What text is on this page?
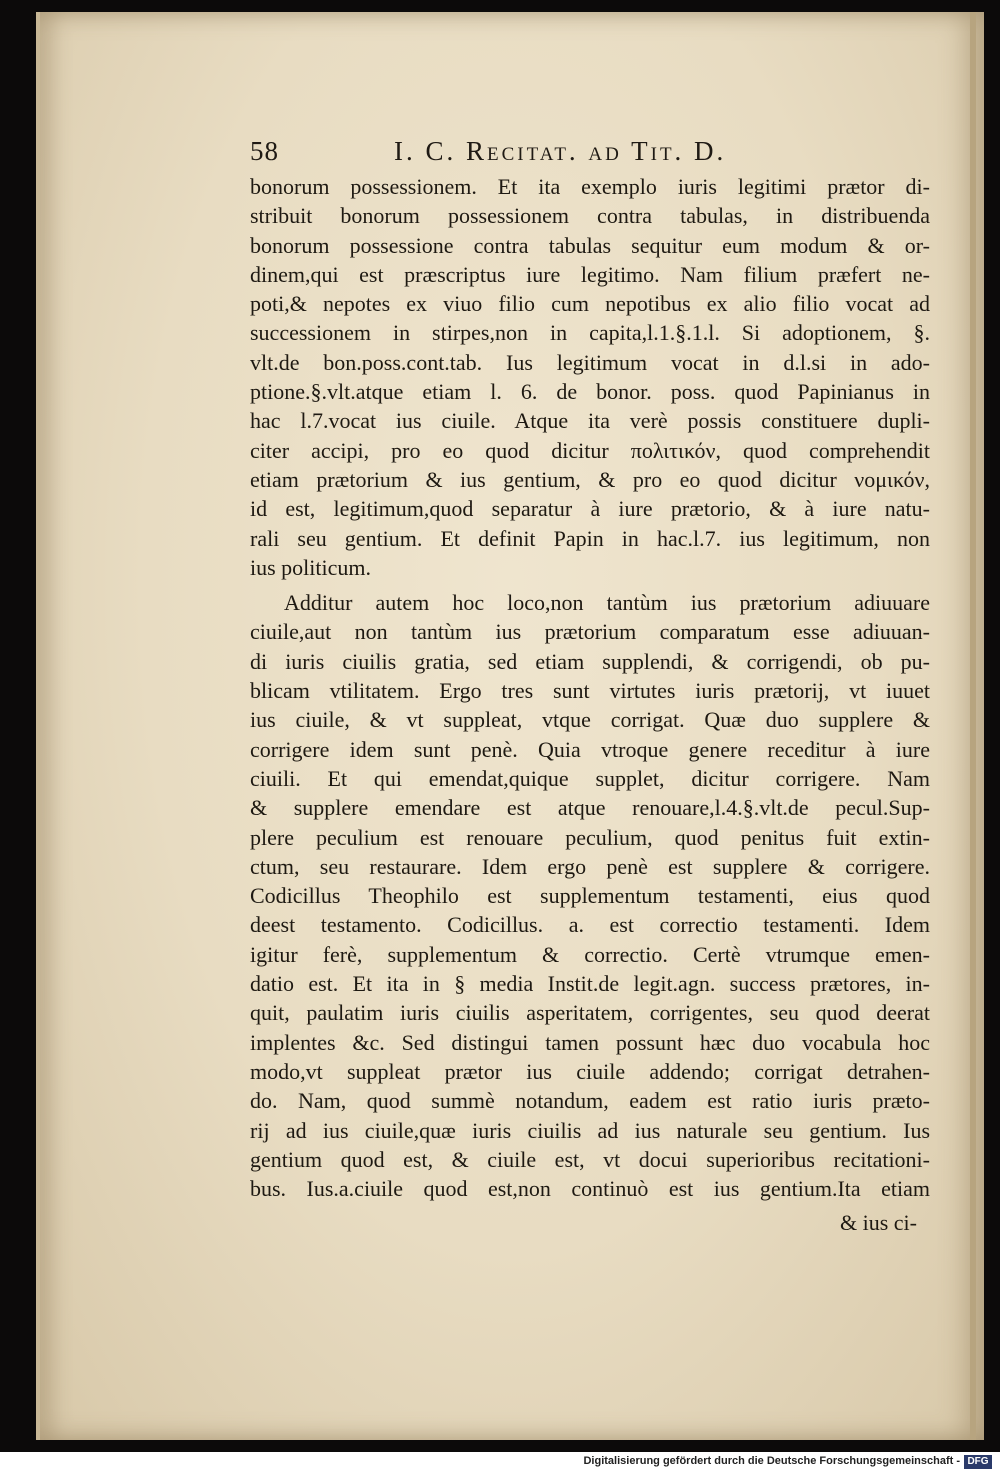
58	I. C. Recitat. ad Tit. D.
bonorum possessionem. Et ita exemplo iuris legitimi prætor di-
stribuit bonorum possessionem contra tabulas, in distribuenda
bonorum possessione contra tabulas sequitur eum modum & or-
dinem,qui est præscriptus iure legitimo. Nam filium præfert ne-
poti,& nepotes ex viuo filio cum nepotibus ex alio filio vocat ad
successionem in stirpes,non in capita,l.1.§.1.l. Si adoptionem, §.
vlt.de bon.poss.cont.tab. Ius legitimum vocat in d.l.si in ado-
ptione.§.vlt.atque etiam l. 6. de bonor. poss. quod Papinianus in
hac l.7.vocat ius ciuile. Atque ita verè possis constituere dupli-
citer accipi, pro eo quod dicitur πολιτικόν, quod comprehendit
etiam prætorium & ius gentium, & pro eo quod dicitur νομικόν,
id est, legitimum,quod separatur à iure prætorio, & à iure natu-
rali seu gentium. Et definit Papin in hac.l.7. ius legitimum, non
ius politicum.
Additur autem hoc loco,non tantùm ius prætorium adiuuare
ciuile,aut non tantùm ius prætorium comparatum esse adiuuan-
di iuris ciuilis gratia, sed etiam supplendi, & corrigendi, ob pu-
blicam vtilitatem. Ergo tres sunt virtutes iuris prætorij, vt iuuet
ius ciuile, & vt suppleat, vtque corrigat. Quæ duo supplere &
corrigere idem sunt penè. Quia vtroque genere receditur à iure
ciuili. Et qui emendat,quique supplet, dicitur corrigere. Nam
& supplere emendare est atque renouare,l.4.§.vlt.de pecul.Sup-
plere peculium est renouare peculium, quod penitus fuit extin-
ctum, seu restaurare. Idem ergo penè est supplere & corrigere.
Codicillus Theophilo est supplementum testamenti, eius quod
deest testamento. Codicillus. a. est correctio testamenti. Idem
igitur ferè, supplementum & correctio. Certè vtrumque emen-
datio est. Et ita in § media Instit.de legit.agn. success prætores, in-
quit, paulatim iuris ciuilis asperitatem, corrigentes, seu quod deerat
implentes &c. Sed distingui tamen possunt hæc duo vocabula hoc
modo,vt suppleat prætor ius ciuile addendo; corrigat detrahen-
do. Nam, quod summè notandum, eadem est ratio iuris præto-
rij ad ius ciuile,quæ iuris ciuilis ad ius naturale seu gentium. Ius
gentium quod est, & ciuile est, vt docui superioribus recitationi-
bus. Ius.a.ciuile quod est,non continuò est ius gentium.Ita etiam
& ius ci-
Digitalisierung gefördert durch die Deutsche Forschungsgemeinschaft - DFG
